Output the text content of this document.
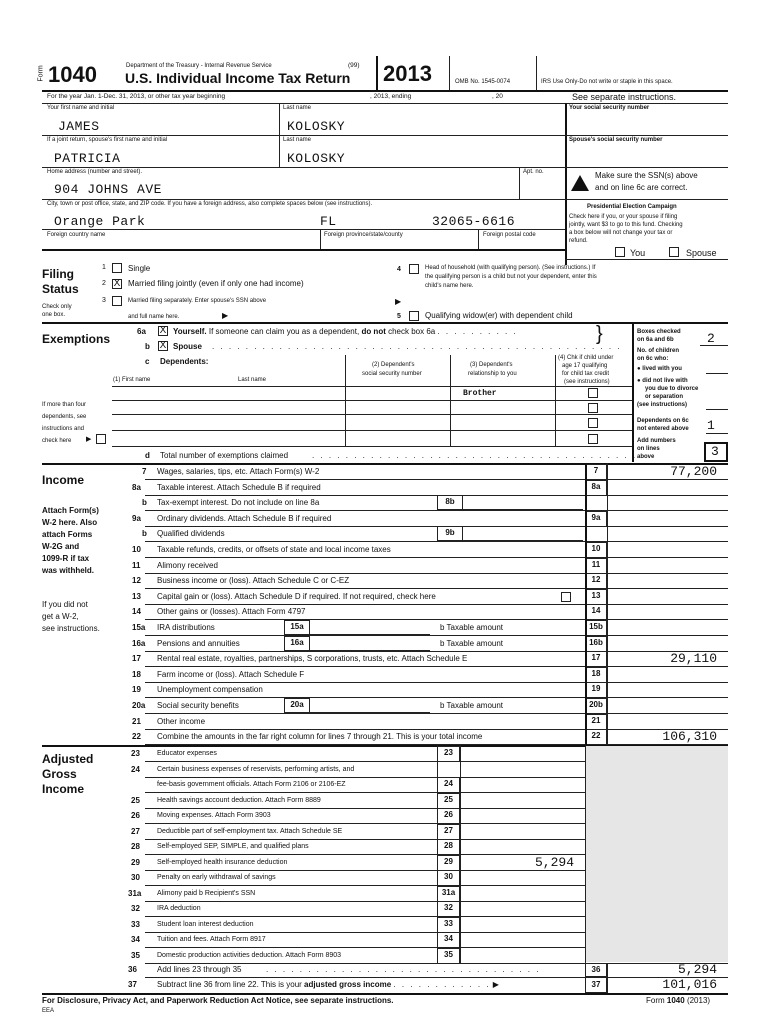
Form 1040	Department of the Treasury - Internal Revenue Service	(99)
U.S. Individual Income Tax Return 2013	OMB No. 1545-0074	IRS Use Only-Do not write or staple in this space.
For the year Jan. 1-Dec. 31, 2013, or other tax year beginning	, 2013, ending	, 20	See separate instructions.
Your first name and initial	Last name	Your social security number
JAMES	KOLOSKY
If a joint return, spouse's first name and initial	Last name	Spouse's social security number
PATRICIA	KOLOSKY
Home address (number and street).	Apt. no.
904 JOHNS AVE
Make sure the SSN(s) above
and on line 6c are correct.
City, town or post office, state, and ZIP code. If you have a foreign address, also complete spaces below (see instructions).
Orange Park	FL	32065-6616
Foreign country name	Foreign province/state/county	Foreign postal code
Presidential Election Campaign
Check here if you, or your spouse if filing
jointly, want $3 to go to this fund. Checking
a box below will not change your tax or
refund.
You	Spouse
Filing
Status
Check only
one box.
1	Single
2 X Married filing jointly (even if only one had income)
3	Married filing separately. Enter spouse's SSN above
and full name here.	▶
▶
4	Head of household (with qualifying person). (See instructions.) If
the qualifying person is a child but not your dependent, enter this
child's name here.
5	Qualifying widow(er) with dependent child
Exemptions
6a X Yourself. If someone can claim you as a dependent, do not check box 6a . . . . . . . . . .	}
b X Spouse . . . . . . . . . . . . . . . . . . . . . . . . . . . . . . . . . . . . . . . . . . . . . . . . .
c Dependents:
(1) First name	Last name
(2) Dependent's
social security number
(3) Dependent's
relationship to you
(4) Chk if child under
age 17 qualifying
for child tax credit
(see instructions)
Brother
If more than four
dependents, see
instructions and
check here ▶
d Total number of exemptions claimed	. . . . . . . . . . . . . . . . . . . . . . . . . . . . . . . . . . . . . . .
Boxes checked
on 6a and 6b	2
No. of children
on 6c who:
● lived with you
● did not live with
you due to divorce
or separation
(see instructions)
Dependents on 6c
not entered above 1
Add numbers
on lines
above	3
Income
Attach Form(s)
W-2 here. Also
attach Forms
W-2G and
1099-R if tax
was withheld.
If you did not
get a W-2,
see instructions.
7 Wages, salaries, tips, etc. Attach Form(s) W-2	7	77,200
8a Taxable interest. Attach Schedule B if required	8a
b Tax-exempt interest. Do not include on line 8a	8b
9a Ordinary dividends. Attach Schedule B if required	9a
b Qualified dividends	9b
10 Taxable refunds, credits, or offsets of state and local income taxes	10
11 Alimony received	11
12 Business income or (loss). Attach Schedule C or C-EZ	12
13 Capital gain or (loss). Attach Schedule D if required. If not required, check here	13
14 Other gains or (losses). Attach Form 4797	14
15a IRA distributions	15a	b Taxable amount	15b
16a Pensions and annuities	16a	b Taxable amount	16b
17 Rental real estate, royalties, partnerships, S corporations, trusts, etc. Attach Schedule E	17	29,110
18 Farm income or (loss). Attach Schedule F	18
19 Unemployment compensation	19
20a Social security benefits	20a	b Taxable amount	20b
21 Other income	21
22 Combine the amounts in the far right column for lines 7 through 21. This is your total income	22	106,310
Adjusted
Gross
Income
23 Educator expenses	23
24 Certain business expenses of reservists, performing artists, and
fee-basis government officials. Attach Form 2106 or 2106-EZ	24
25 Health savings account deduction. Attach Form 8889	25
26 Moving expenses. Attach Form 3903	26
27 Deductible part of self-employment tax. Attach Schedule SE	27
28 Self-employed SEP, SIMPLE, and qualified plans	28
29 Self-employed health insurance deduction	29	5,294
30 Penalty on early withdrawal of savings	30
31a Alimony paid b Recipient's SSN	31a
32 IRA deduction	32
33 Student loan interest deduction	33
34 Tuition and fees. Attach Form 8917	34
35 Domestic production activities deduction. Attach Form 8903	35
36	Add lines 23 through 35	. . . . . . . . . . . . . . . . . . . . . . . . . . . . . . . . .	36	5,294
37	Subtract line 36 from line 22. This is your adjusted gross income . . . . . . . . . . . . ▶	37	101,016
For Disclosure, Privacy Act, and Paperwork Reduction Act Notice, see separate instructions.	Form 1040 (2013)
EEA
